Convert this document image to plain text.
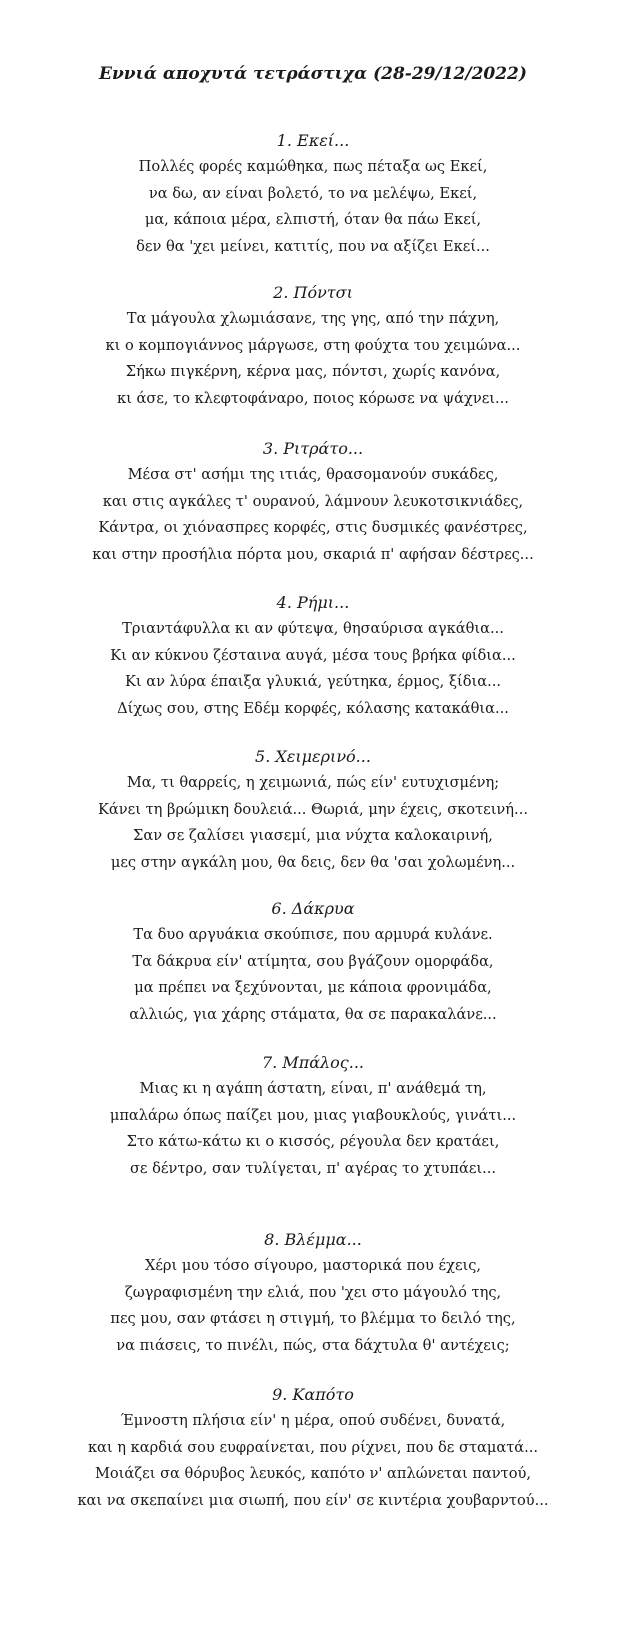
Εννιά αποχυτά τετράστιχα (28-29/12/2022)
1. Εκεί...

Πολλές φορές καμώθηκα, πως πέταξα ως Εκεί,

να δω, αν είναι βολετό, το να μελέψω, Εκεί,

μα, κάποια μέρα, ελπιστή, όταν θα πάω Εκεί,

δεν θα 'χει μείνει, κατιτίς, που να αξίζει Εκεί...

2. Πόντσι

Τα μάγουλα χλωμιάσανε, της γης, από την πάχνη,

κι ο κομπογιάννος μάργωσε, στη φούχτα του χειμώνα...

Σήκω πιγκέρνη, κέρνα μας, πόντσι, χωρίς κανόνα,

κι άσε, το κλεφτοφάναρο, ποιος κόρωσε να ψάχνει...

3. Ριτράτο...

Μέσα στ' ασήμι της ιτιάς, θρασομανούν συκάδες,

και στις αγκάλες τ' ουρανού, λάμνουν λευκοτσικνιάδες,

Κάντρα, οι χιόνασπρες κορφές, στις δυσμικές φανέστρες,

και στην προσήλια πόρτα μου, σκαριά π' αφήσαν δέστρες...

4. Ρήμι...

Τριαντάφυλλα κι αν φύτεψα, θησαύρισα αγκάθια...

Κι αν κύκνου ζέσταινα αυγά, μέσα τους βρήκα φίδια...

Κι αν λύρα έπαιξα γλυκιά, γεύτηκα, έρμος, ξίδια...

Δίχως σου, στης Εδέμ κορφές, κόλασης κατακάθια...

5. Χειμερινό...

Μα, τι θαρρείς, η χειμωνιά, πώς είν' ευτυχισμένη;

Κάνει τη βρώμικη δουλειά... Θωριά, μην έχεις, σκοτεινή...

Σαν σε ζαλίσει γιασεμί, μια νύχτα καλοκαιρινή,

μες στην αγκάλη μου, θα δεις, δεν θα 'σαι χολωμένη...

6. Δάκρυα

Τα δυο αργυάκια σκούπισε, που αρμυρά κυλάνε.

Τα δάκρυα είν' ατίμητα, σου βγάζουν ομορφάδα,

μα πρέπει να ξεχύνονται, με κάποια φρονιμάδα,

αλλιώς, για χάρης στάματα, θα σε παρακαλάνε...

7. Μπάλος...

Μιας κι η αγάπη άστατη, είναι, π' ανάθεμά τη,

μπαλάρω όπως παίζει μου, μιας γιαβουκλούς, γινάτι...

Στο κάτω-κάτω κι ο κισσός, ρέγουλα δεν κρατάει,

σε δέντρο, σαν τυλίγεται, π' αγέρας το χτυπάει...

8. Βλέμμα...

Χέρι μου τόσο σίγουρο, μαστορικά που έχεις,

ζωγραφισμένη την ελιά, που 'χει στο μάγουλό της,

πες μου, σαν φτάσει η στιγμή, το βλέμμα το δειλό της,

να πιάσεις, το πινέλι, πώς, στα δάχτυλα θ' αντέχεις;

9. Καπότο

Έμνοστη πλήσια είν' η μέρα, οπού συδένει, δυνατά,

και η καρδιά σου ευφραίνεται, που ρίχνει, που δε σταματά...

Μοιάζει σα θόρυβος λευκός, καπότο ν' απλώνεται παντού,

και να σκεπαίνει μια σιωπή, που είν' σε κιντέρια χουβαρντού...
